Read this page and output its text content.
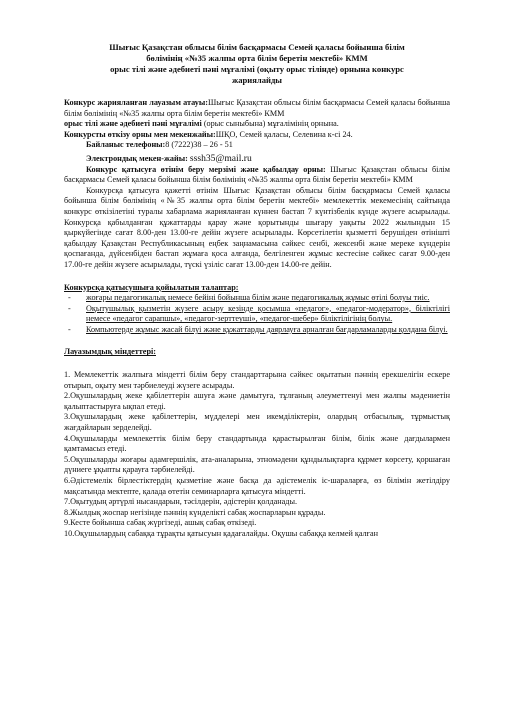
Шығыс Қазақстан облысы білім басқармасы Семей қаласы бойынша білім

бөлімінің «№35 жалпы орта білім беретін мектебі» КММ

орыс тілі және әдебиеті пәні мұғалімі (оқыту орыс тілінде) орнына конкурс

жариялайды

Конкурс жарияланған лауазым атауы:Шығыс Қазақстан облысы білім басқармасы Семей қаласы бойынша білім бөлімінің «№35 жалпы орта білім беретін мектебі» КММ

орыс тілі және әдебиеті пәні мұғалімі (орыс сыныбына) мұғалімінің орнына.

Конкурсты өткізу орны мен мекенжайы:ШҚО, Семей қаласы, Селевина к-сі 24.

Байланыс телефоны:8 (7222)38 – 26 - 51

Электрондық мекен-жайы: sssh35@mail.ru

Конкурс қатысуға өтінім беру мерзімі және қабылдау орны: Шығыс Қазақстан облысы білім басқармасы Семей қаласы бойынша білім бөлімінің «№35 жалпы орта білім беретін мектебі» КММ

Конкурсқа қатысуға қажетті өтінім Шығыс Қазақстан облысы білім басқармасы Семей қаласы бойынша білім бөлімінің «№35 жалпы орта білім беретін мектебі» мемлекеттік мекемесінің сайтында конкурс өткізілетіні туралы хабарлама жарияланған күннен бастап 7 күнтізбелік күнде жүзеге асырылады. Конкурсқа қабылданған құжаттарды қарау және қорытынды шығару уақыты 2022 жылындын 15 қыркүйегінде сағат 8.00-ден 13.00-ге дейін жүзеге асырылады. Көрсетілетін қызметті берушіден өтінішті қабылдау Қазақстан Республикасының еңбек заңнамасына сәйкес сенбі, жексенбі және мереке күндерін қоспағанда, дүйсенбіден бастап жұмаға қоса алғанда, белгіленген жұмыс кестесіне сәйкес сағат 9.00-ден 17.00-ге дейін жүзеге асырылады, түскі үзіліс сағат 13.00-ден 14.00-ге дейін.

Конкурсқа қатысушыға қойылатын талаптар:

- жоғары педагогикалық немесе бейіні бойынша білім және педагогикалық жұмыс өтілі болуы тиіс.
- Оқытушылық қызметін жүзеге асыру кезінде қосымша «педагог», «педагог-модератор», біліктілігі немесе «педагог сарапшы», «педагог-зерттеуші», «педагог-шебер» біліктілігінің болуы.
- Компьютерде жұмыс жасай білуі және құжаттарды даярлауға арналған бағдарламаларды қолдана білуі.

Лауазымдық міндеттері:

1. Мемлекеттік жалпыға міндетті білім беру стандарттарына сәйкес оқытатын пәннің ерекшелігін ескере отырып, оқыту мен тәрбиелеуді жүзеге асырады.

2.Оқушылардың жеке қабілеттерін ашуға және дамытуға, тұлғаның әлеуметтенуі мен жалпы мәдениетін қалыптастыруға ықпал етеді.

3.Оқушылардың жеке қабілеттерін, мүдделері мен икемділіктерін, олардың отбасылық, тұрмыстық жағдайларын зерделейді.

4.Оқушыларды мемлекеттік білім беру стандартында қарастырылған білім, білік және дағдылармен қамтамасыз етеді.

5.Оқушыларды жоғары адамгершілік, ата-аналарына, этномәдени құндылықтарға құрмет көрсету, қоршаған дүниеге ұқыпты қарауға тәрбиелейді.

6.Әдістемелік бірлестіктердің қызметіне және басқа да әдістемелік іс-шараларға, өз білімін жетілдіру мақсатында мектепте, қалада өтетін семинарларға қатысуға міндетті.

7.Оқытудың әртүрлі нысандарын, тәсілдерін, әдістерін қолданады.

8.Жылдық жоспар негізінде пәннің күнделікті сабақ жоспарларын құрады.

9.Кесте бойынша сабақ жүргізеді, ашық сабақ өткізеді.

10.Оқушылардың сабаққа тұрақты қатысуын қадағалайды. Оқушы сабаққа келмей қалған
